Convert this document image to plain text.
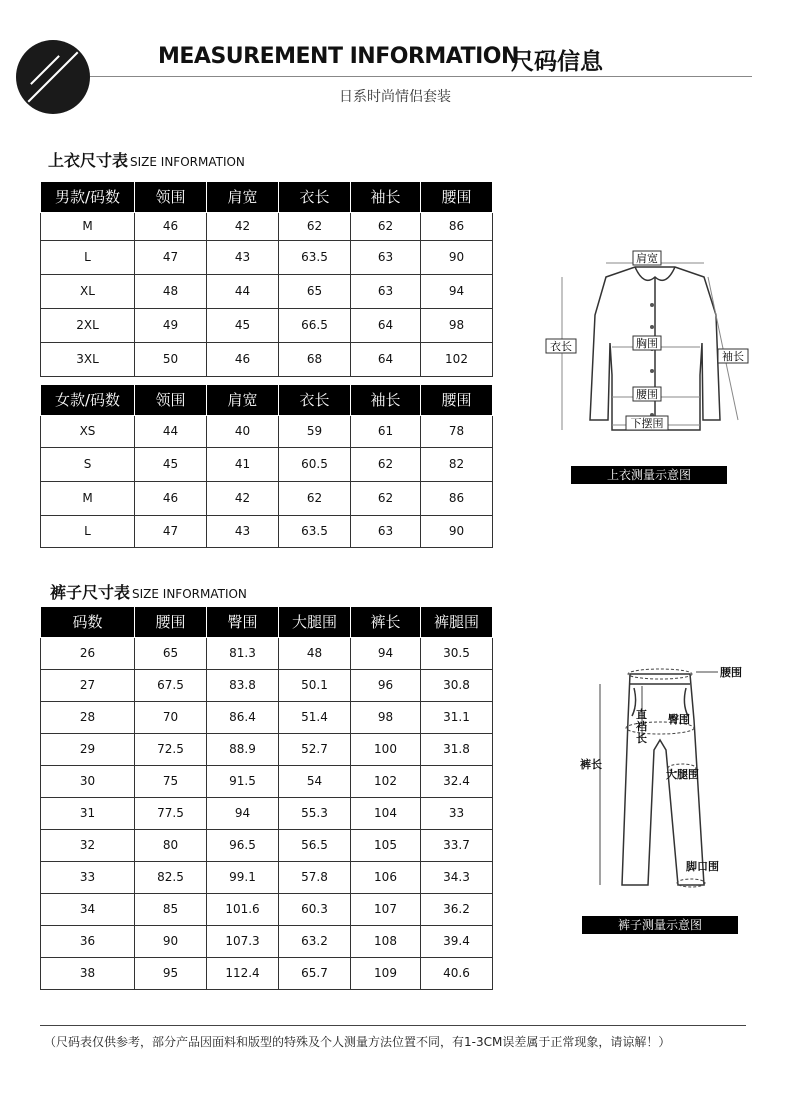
MEASUREMENT INFORMATION
尺码信息
日系时尚情侣套装
上衣尺寸表 SIZE INFORMATION
男款/码数	领围	肩宽	衣长	袖长	腰围
M	46	42	62	62	86
L	47	43	63.5	63	90
XL	48	44	65	63	94
2XL	49	45	66.5	64	98
3XL	50	46	68	64	102
女款/码数	领围	肩宽	衣长	袖长	腰围
XS	44	40	59	61	78
S	45	41	60.5	62	82
M	46	42	62	62	86
L	47	43	63.5	63	90
裤子尺寸表 SIZE INFORMATION
码数	腰围	臀围	大腿围	裤长	裤腿围
26	65	81.3	48	94	30.5
27	67.5	83.8	50.1	96	30.8
28	70	86.4	51.4	98	31.1
29	72.5	88.9	52.7	100	31.8
30	75	91.5	54	102	32.4
31	77.5	94	55.3	104	33
32	80	96.5	56.5	105	33.7
33	82.5	99.1	57.8	106	34.3
34	85	101.6	60.3	107	36.2
36	90	107.3	63.2	108	39.4
38	95	112.4	65.7	109	40.6
肩宽
衣长	胸围
袖长
腰围
下摆围
上衣测量示意图
腰围
直
裆
长
臀围
裤长
大腿围
脚口围
裤子测量示意图
（尺码表仅供参考，部分产品因面料和版型的特殊及个人测量方法位置不同，有1-3CM误差属于正常现象，请谅解！）
